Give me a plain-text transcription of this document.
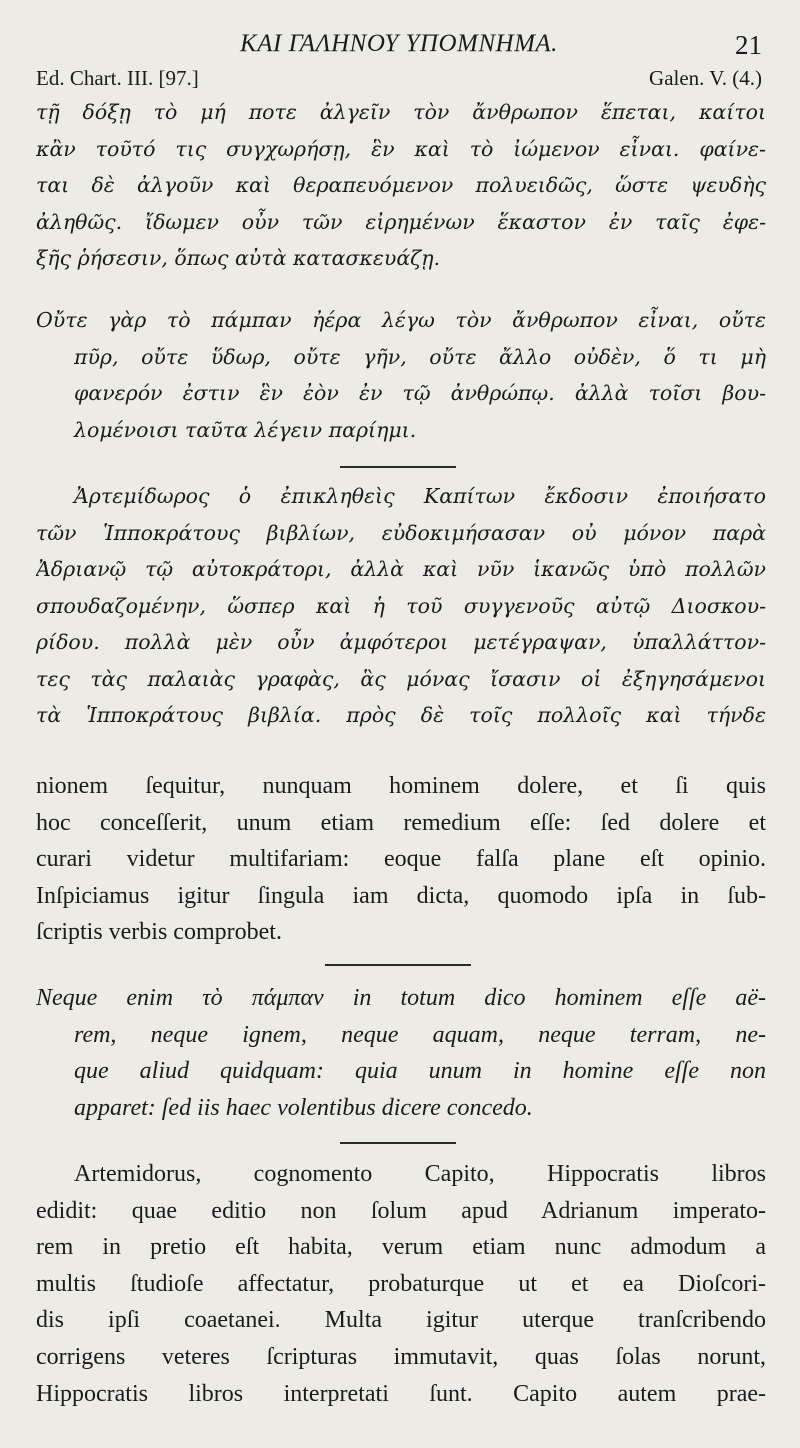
ΚΑΙ ΓΑΛΗΝΟΥ ΥΠΟΜΝΗΜΑ.	21
Ed. Chart. III. [97.]	Galen. V. (4.)
τῇ δόξῃ τὸ μή ποτε ἀλγεῖν τὸν ἄνθρωπον ἕπεται, καίτοι
κἂν τοῦτό τις συγχωρήσῃ, ἓν καὶ τὸ ἰώμενον εἶναι. φαίνε-
ται δὲ ἀλγοῦν καὶ θεραπευόμενον πολυειδῶς, ὥστε ψευδὴς
ἀληθῶς. ἴδωμεν οὖν τῶν εἰρημένων ἕκαστον ἐν ταῖς ἐφε-
ξῆς ῥήσεσιν, ὅπως αὐτὰ κατασκευάζῃ.
Οὔτε γὰρ τὸ πάμπαν ἠέρα λέγω τὸν ἄνθρωπον εἶναι, οὔτε
πῦρ, οὔτε ὕδωρ, οὔτε γῆν, οὔτε ἄλλο οὐδὲν, ὅ τι μὴ
φανερόν ἐστιν ἓν ἐὸν ἐν τῷ ἀνθρώπῳ. ἀλλὰ τοῖσι βου-
λομένοισι ταῦτα λέγειν παρίημι.
Ἀρτεμίδωρος ὁ ἐπικληθεὶς Καπίτων ἔκδοσιν ἐποιήσατο
τῶν Ἱπποκράτους βιβλίων, εὐδοκιμήσασαν οὐ μόνον παρὰ
Ἀδριανῷ τῷ αὐτοκράτορι, ἀλλὰ καὶ νῦν ἱκανῶς ὑπὸ πολλῶν
σπουδαζομένην, ὥσπερ καὶ ἡ τοῦ συγγενοῦς αὐτῷ Διοσκου-
ρίδου. πολλὰ μὲν οὖν ἀμφότεροι μετέγραψαν, ὑπαλλάττον-
τες τὰς παλαιὰς γραφὰς, ἃς μόνας ἴσασιν οἱ ἐξηγησάμενοι
τὰ Ἱπποκράτους βιβλία. πρὸς δὲ τοῖς πολλοῖς καὶ τήνδε
nionem ſequitur, nunquam hominem dolere, et ſi quis
hoc conceſſerit, unum etiam remedium eſſe: ſed dolere et
curari videtur multifariam: eoque falſa plane eſt opinio.
Inſpiciamus igitur ſingula iam dicta, quomodo ipſa in ſub-
ſcriptis verbis comprobet.
Neque enim τὸ πάμπαν in totum dico hominem eſſe aë-
rem, neque ignem, neque aquam, neque terram, ne-
que aliud quidquam: quia unum in homine eſſe non
apparet: ſed iis haec volentibus dicere concedo.
Artemidorus, cognomento Capito, Hippocratis libros
edidit: quae editio non ſolum apud Adrianum imperato-
rem in pretio eſt habita, verum etiam nunc admodum a
multis ſtudioſe affectatur, probaturque ut et ea Dioſcori-
dis ipſi coaetanei. Multa igitur uterque tranſcribendo
corrigens veteres ſcripturas immutavit, quas ſolas norunt,
Hippocratis libros interpretati ſunt. Capito autem prae-
